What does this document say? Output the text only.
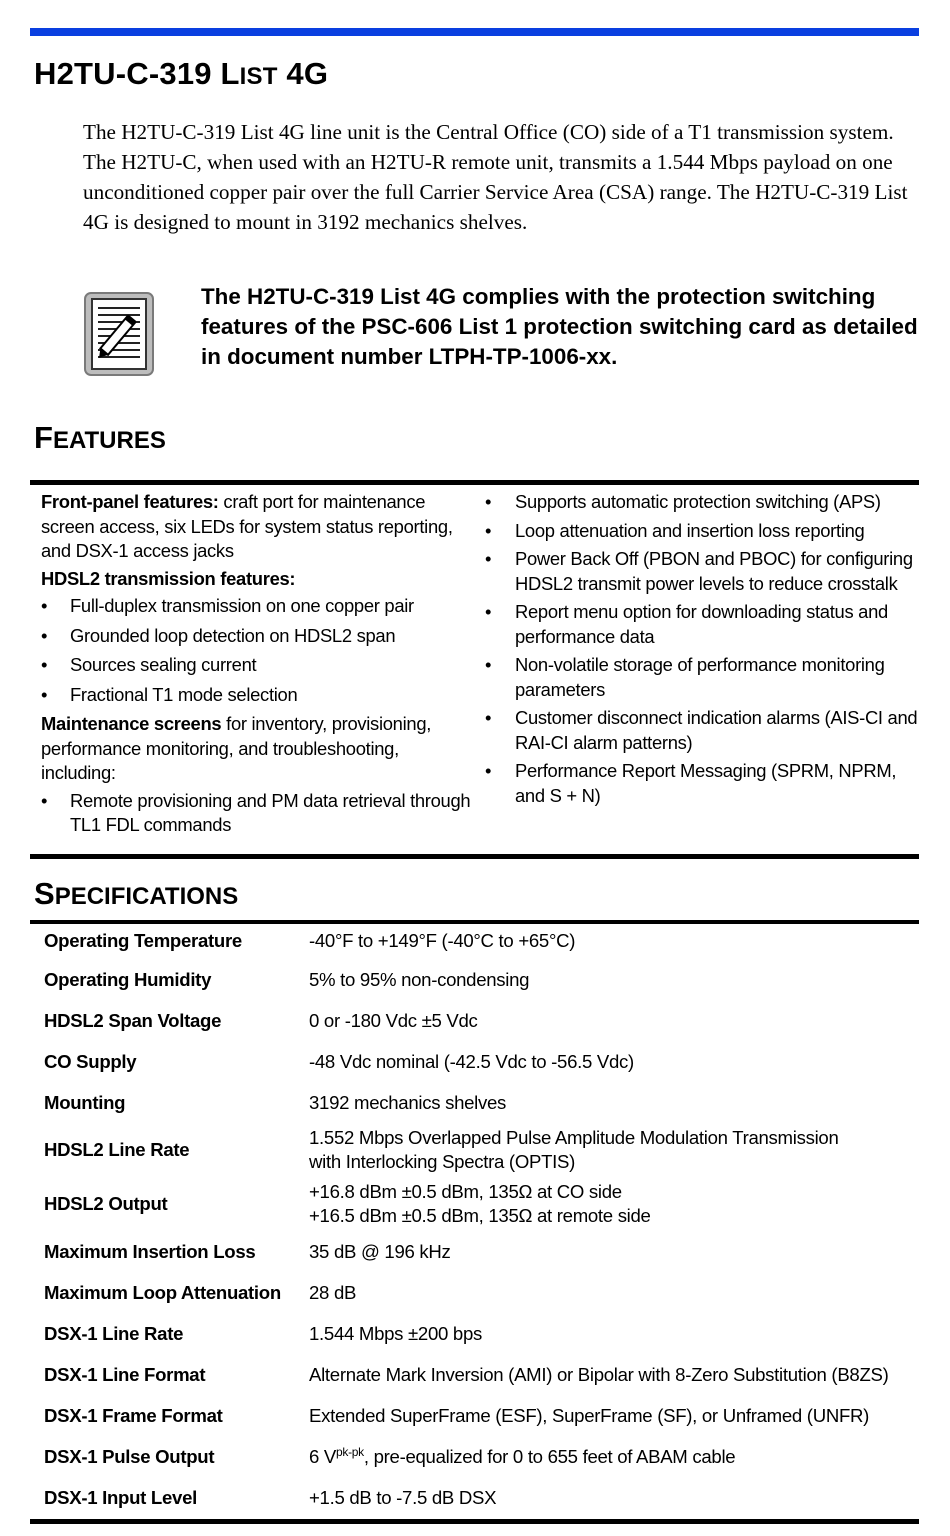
H2TU-C-319 LIST 4G

The H2TU-C-319 List 4G line unit is the Central Office (CO) side of a T1 transmission system. The H2TU-C, when used with an H2TU-R remote unit, transmits a 1.544 Mbps payload on one unconditioned copper pair over the full Carrier Service Area (CSA) range. The H2TU-C-319 List 4G is designed to mount in 3192 mechanics shelves.

The H2TU-C-319 List 4G complies with the protection switching features of the PSC-606 List 1 protection switching card as detailed in document number LTPH-TP-1006-xx.

FEATURES

Front-panel features: craft port for maintenance screen access, six LEDs for system status reporting, and DSX-1 access jacks

HDSL2 transmission features:

• Full-duplex transmission on one copper pair
• Grounded loop detection on HDSL2 span
• Sources sealing current
• Fractional T1 mode selection

Maintenance screens for inventory, provisioning, performance monitoring, and troubleshooting, including:

• Remote provisioning and PM data retrieval through TL1 FDL commands
• Supports automatic protection switching (APS)
• Loop attenuation and insertion loss reporting
• Power Back Off (PBON and PBOC) for configuring HDSL2 transmit power levels to reduce crosstalk
• Report menu option for downloading status and performance data
• Non-volatile storage of performance monitoring parameters
• Customer disconnect indication alarms (AIS-CI and RAI-CI alarm patterns)
• Performance Report Messaging (SPRM, NPRM, and S + N)
SPECIFICATIONS
Operating Temperature	-40°F to +149°F (-40°C to +65°C)
Operating Humidity	5% to 95% non-condensing
HDSL2 Span Voltage	0 or -180 Vdc ±5 Vdc
CO Supply	-48 Vdc nominal (-42.5 Vdc to -56.5 Vdc)
Mounting	3192 mechanics shelves
HDSL2 Line Rate	1.552 Mbps Overlapped Pulse Amplitude Modulation Transmission
with Interlocking Spectra (OPTIS)

HDSL2 Output	+16.8 dBm ±0.5 dBm, 135Ω at CO side
+16.5 dBm ±0.5 dBm, 135Ω at remote side

Maximum Insertion Loss	35 dB @ 196 kHz
Maximum Loop Attenuation	28 dB
DSX-1 Line Rate	1.544 Mbps ±200 bps
DSX-1 Line Format	Alternate Mark Inversion (AMI) or Bipolar with 8-Zero Substitution (B8ZS)
DSX-1 Frame Format	Extended SuperFrame (ESF), SuperFrame (SF), or Unframed (UNFR)
DSX-1 Pulse Output	6 $V^{pk-pk}$, pre-equalized for 0 to 655 feet of ABAM cable
DSX-1 Input Level	+1.5 dB to -7.5 dB DSX
